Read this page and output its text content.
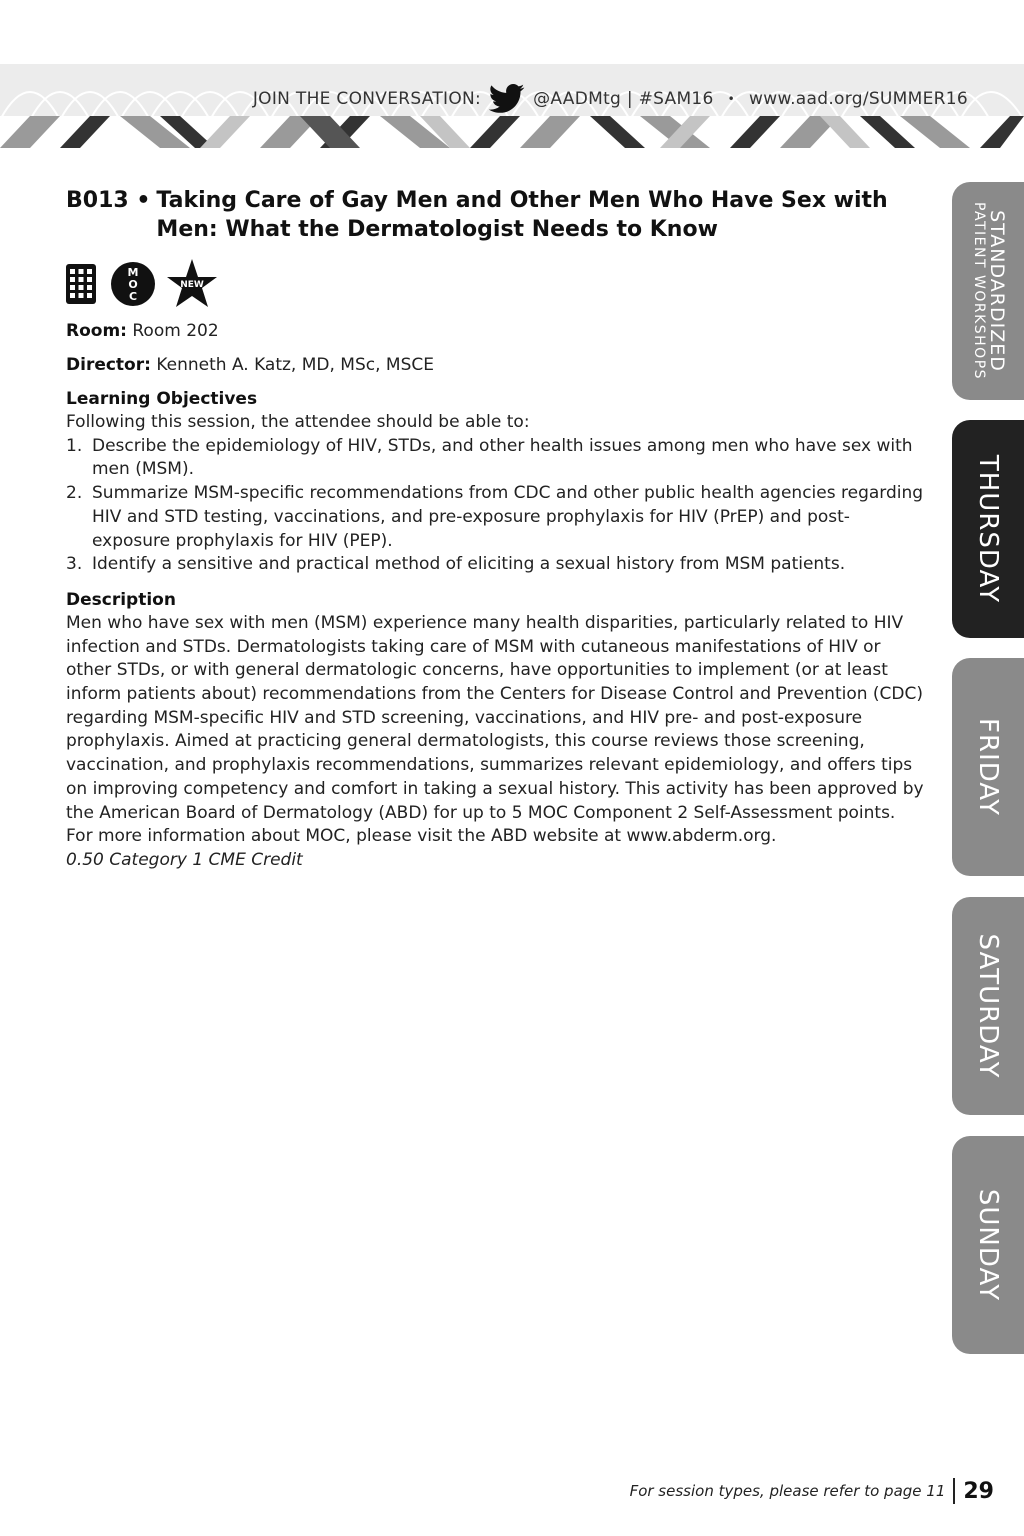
JOIN THE CONVERSATION:	@AADMtg | #SAM16 • www.aad.org/SUMMER16
B013 • Taking Care of Gay Men and Other Men Who Have Sex with Men: What the Dermatologist Needs to Know
M
O
C
NEW
Room: Room 202
Director: Kenneth A. Katz, MD, MSc, MSCE
Learning Objectives
Following this session, the attendee should be able to:
1. Describe the epidemiology of HIV, STDs, and other health issues among men who have sex with men (MSM).
2. Summarize MSM-specific recommendations from CDC and other public health agencies regarding HIV and STD testing, vaccinations, and pre-exposure prophylaxis for HIV (PrEP) and post-exposure prophylaxis for HIV (PEP).
3. Identify a sensitive and practical method of eliciting a sexual history from MSM patients.
Description
Men who have sex with men (MSM) experience many health disparities, particularly related to HIV infection and STDs. Dermatologists taking care of MSM with cutaneous manifestations of HIV or other STDs, or with general dermatologic concerns, have opportunities to implement (or at least inform patients about) recommendations from the Centers for Disease Control and Prevention (CDC) regarding MSM-specific HIV and STD screening, vaccinations, and HIV pre- and post-exposure prophylaxis. Aimed at practicing general dermatologists, this course reviews those screening, vaccination, and prophylaxis recommendations, summarizes relevant epidemiology, and offers tips on improving competency and comfort in taking a sexual history. This activity has been approved by the American Board of Dermatology (ABD) for up to 5 MOC Component 2 Self-Assessment points. For more information about MOC, please visit the ABD website at www.abderm.org.
0.50 Category 1 CME Credit
STANDARDIZED
PATIENT WORKSHOPS
THURSDAY
FRIDAY
SATURDAY
SUNDAY
For session types, please refer to page 11 29
